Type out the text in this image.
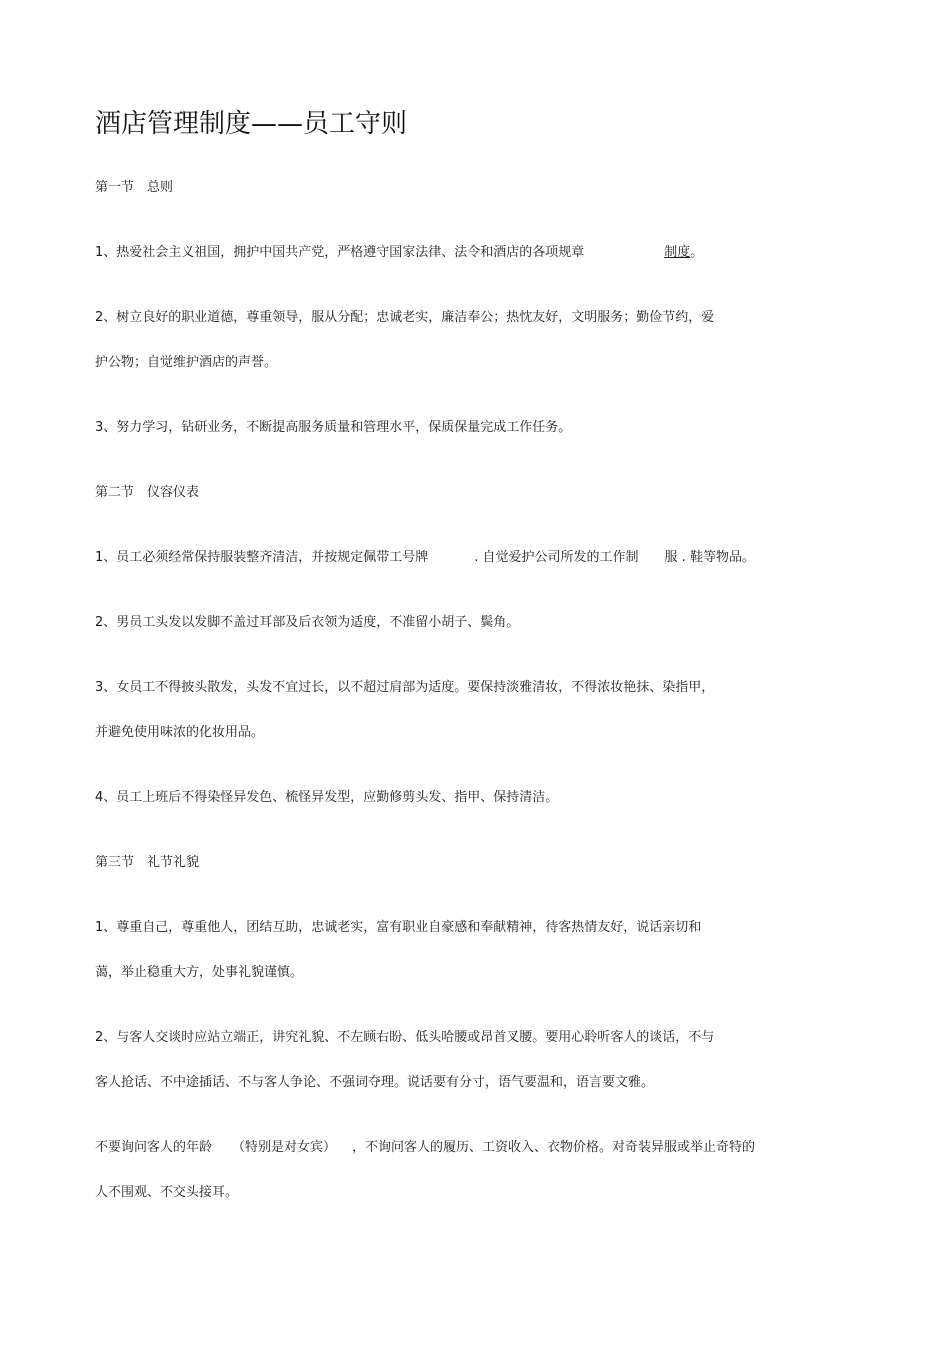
酒店管理制度——员工守则
第一节　总则
1、热爱社会主义祖国，拥护中国共产党，严格遵守国家法律、法令和酒店的各项规章	制度。
2、树立良好的职业道德，尊重领导，服从分配；忠诚老实，廉洁奉公；热忱友好，文明服务；勤俭节约，爱
护公物；自觉维护酒店的声誉。
3、努力学习，钻研业务，不断提高服务质量和管理水平，保质保量完成工作任务。
第二节　仪容仪表
1、员工必须经常保持服装整齐清洁，并按规定佩带工号牌	. 自觉爱护公司所发的工作制 服 . 鞋等物品。
2、男员工头发以发脚不盖过耳部及后衣领为适度，不准留小胡子、鬓角。
3、女员工不得披头散发，头发不宜过长，以不超过肩部为适度。要保持淡雅清妆，不得浓妆艳抹、染指甲，
并避免使用味浓的化妆用品。
4、员工上班后不得染怪异发色、梳怪异发型，应勤修剪头发、指甲、保持清洁。
第三节　礼节礼貌
1、尊重自己，尊重他人，团结互助，忠诚老实，富有职业自豪感和奉献精神，待客热情友好，说话亲切和
蔼，举止稳重大方，处事礼貌谨慎。
2、与客人交谈时应站立端正，讲究礼貌、不左顾右盼、低头哈腰或昂首叉腰。要用心聆听客人的谈话，不与
客人抢话、不中途插话、不与客人争论、不强词夺理。说话要有分寸，语气要温和，语言要文雅。
不要询问客人的年龄 （特别是对女宾） ，不询问客人的履历、工资收入、衣物价格。对奇装异服或举止奇特的
人不围观、不交头接耳。
